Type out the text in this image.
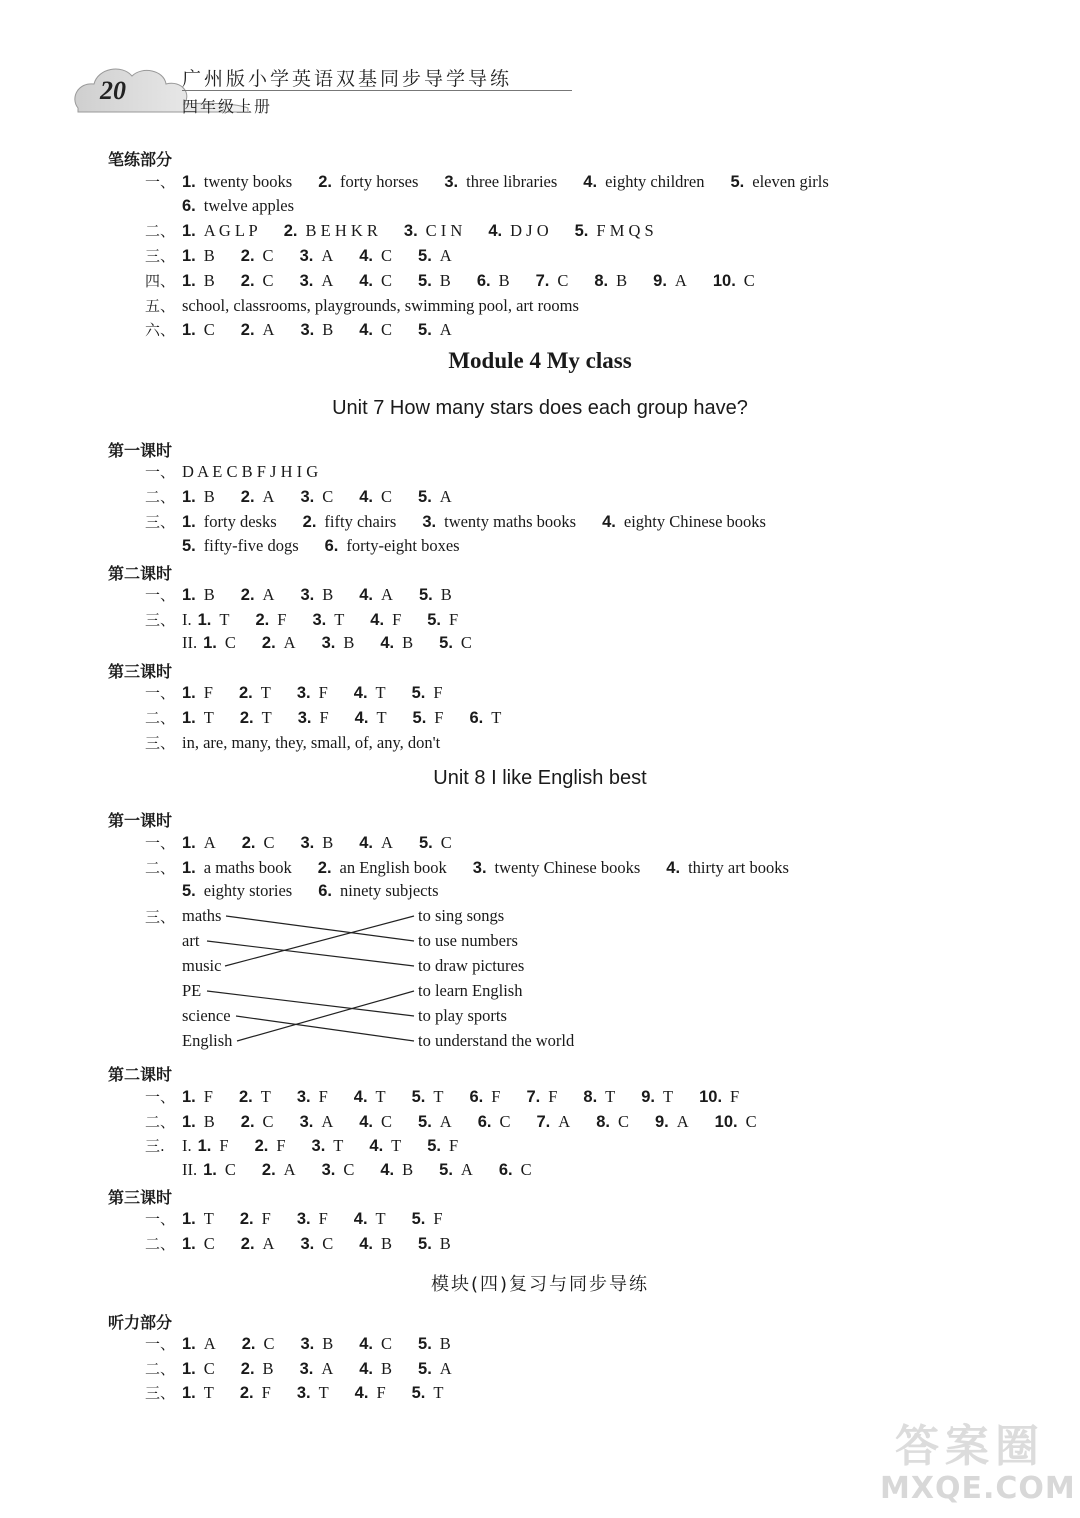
20	广州版小学英语双基同步导学导练
四年级上册
笔练部分
一、 1. twenty books 2. forty horses 3. three libraries 4. eighty children 5. eleven girls
6. twelve apples
二、 1. A G L P 2. B E H K R 3. C I N 4. D J O 5. F M Q S
三、 1. B 2. C 3. A 4. C 5. A
四、 1. B 2. C 3. A 4. C 5. B 6. B 7. C 8. B 9. A 10. C
五、 school, classrooms, playgrounds, swimming pool, art rooms
六、 1. C 2. A 3. B 4. C 5. A
Module 4 My class
Unit 7 How many stars does each group have?
第一课时
一、 D A E C B F J H I G
二、 1. B 2. A 3. C 4. C 5. A
三、 1. forty desks 2. fifty chairs 3. twenty maths books 4. eighty Chinese books
5. fifty-five dogs 6. forty-eight boxes
第二课时
一、 1. B 2. A 3. B 4. A 5. B
三、 I. 1. T 2. F 3. T 4. F 5. F
II. 1. C 2. A 3. B 4. B 5. C
第三课时
一、 1. F 2. T 3. F 4. T 5. F
二、 1. T 2. T 3. F 4. T 5. F 6. T
三、 in, are, many, they, small, of, any, don't
Unit 8 I like English best
第一课时
一、 1. A 2. C 3. B 4. A 5. C
二、 1. a maths book 2. an English book 3. twenty Chinese books 4. thirty art books
5. eighty stories 6. ninety subjects
三、 maths
art
music
PE
science
English
to sing songs
to use numbers
to draw pictures
to learn English
to play sports
to understand the world
第二课时
一、 1. F 2. T 3. F 4. T 5. T 6. F 7. F 8. T 9. T 10. F
二、 1. B 2. C 3. A 4. C 5. A 6. C 7. A 8. C 9. A 10. C
三. I. 1. F 2. F 3. T 4. T 5. F
II. 1. C 2. A 3. C 4. B 5. A 6. C
第三课时
一、 1. T 2. F 3. F 4. T 5. F
二、 1. C 2. A 3. C 4. B 5. B
模块(四)复习与同步导练
听力部分
一、 1. A 2. C 3. B 4. C 5. B
二、 1. C 2. B 3. A 4. B 5. A
三、 1. T 2. F 3. T 4. F 5. T
答案圈
MXQE.COM
